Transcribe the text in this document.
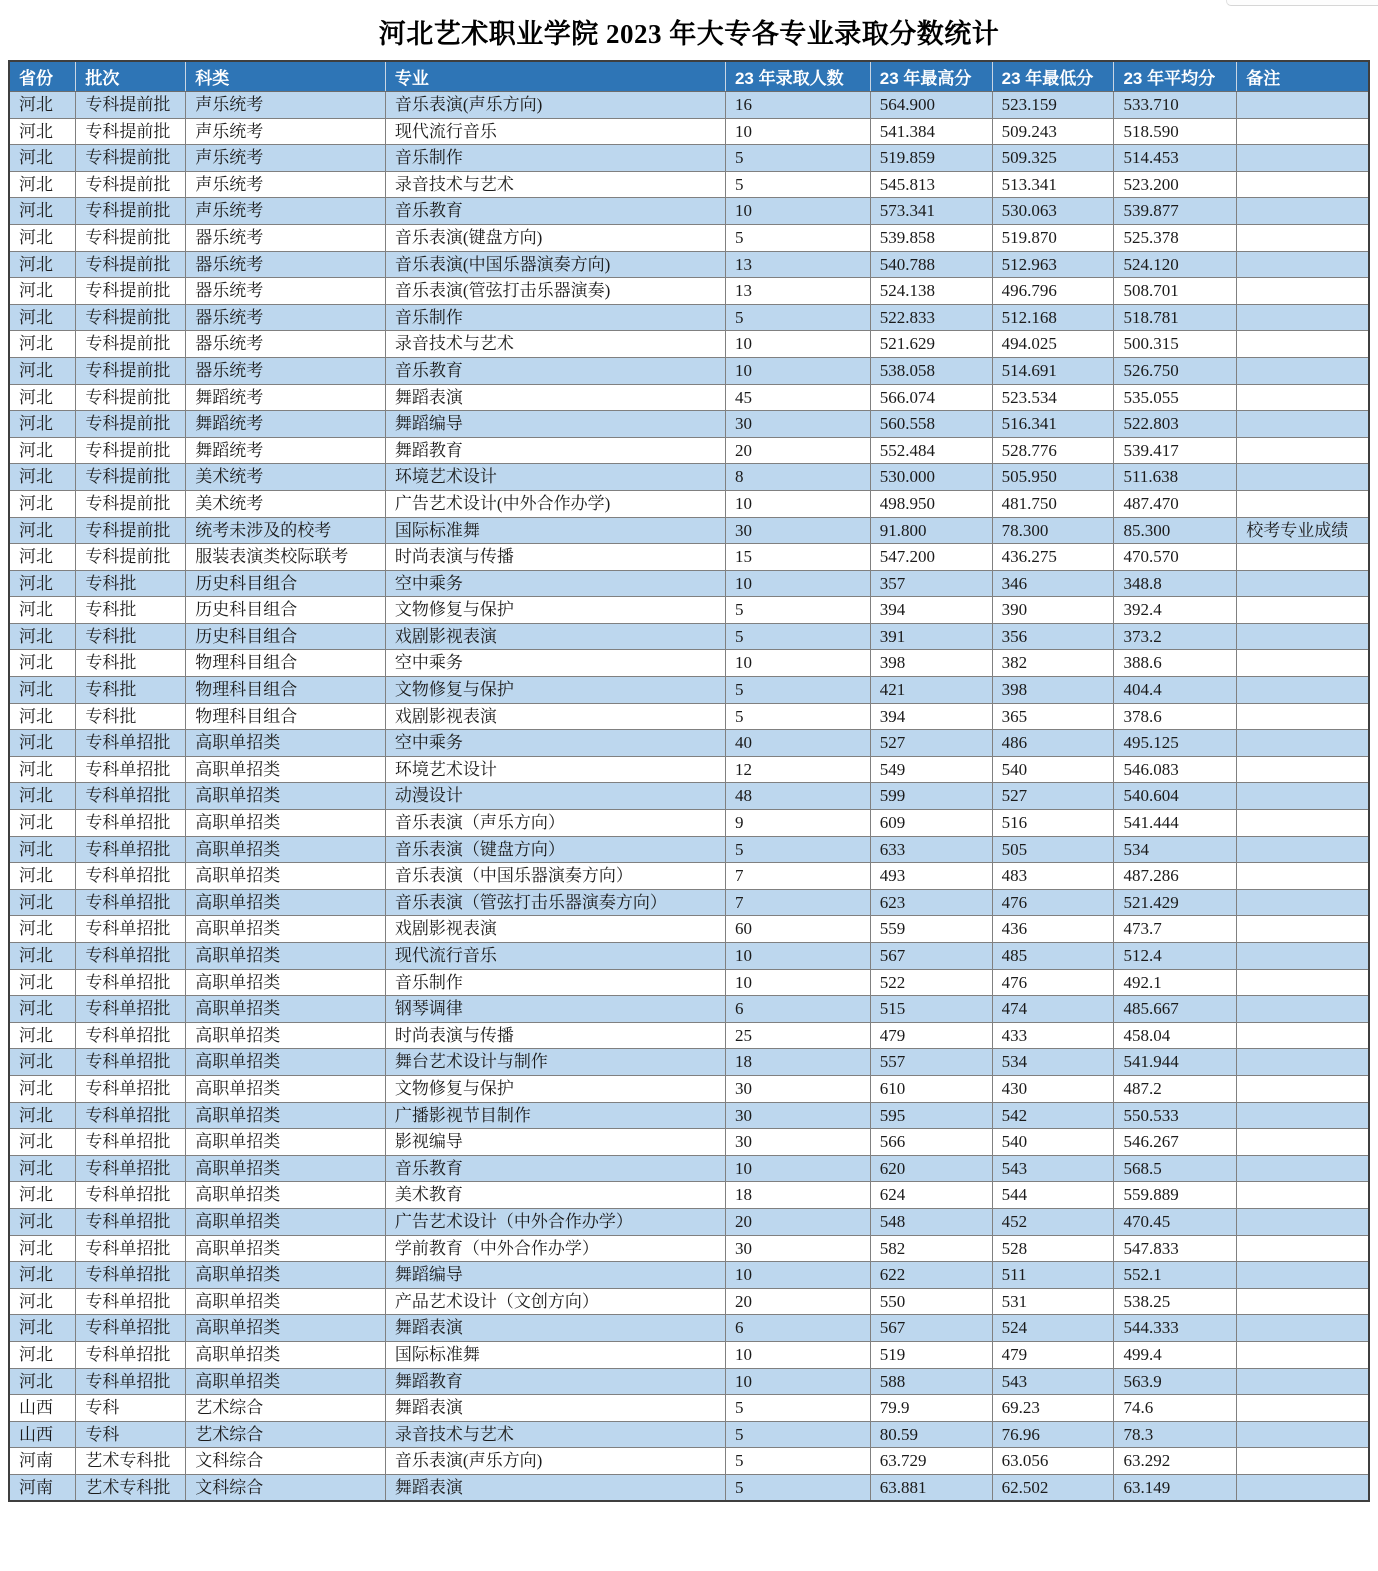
河北艺术职业学院 2023 年大专各专业录取分数统计
省份	批次	科类	专业	23 年录取人数	23 年最高分	23 年最低分	23 年平均分	备注
河北	专科提前批	声乐统考	音乐表演(声乐方向)	16	564.900	523.159	533.710	
河北	专科提前批	声乐统考	现代流行音乐	10	541.384	509.243	518.590	
河北	专科提前批	声乐统考	音乐制作	5	519.859	509.325	514.453	
河北	专科提前批	声乐统考	录音技术与艺术	5	545.813	513.341	523.200	
河北	专科提前批	声乐统考	音乐教育	10	573.341	530.063	539.877	
河北	专科提前批	器乐统考	音乐表演(键盘方向)	5	539.858	519.870	525.378	
河北	专科提前批	器乐统考	音乐表演(中国乐器演奏方向)	13	540.788	512.963	524.120	
河北	专科提前批	器乐统考	音乐表演(管弦打击乐器演奏)	13	524.138	496.796	508.701	
河北	专科提前批	器乐统考	音乐制作	5	522.833	512.168	518.781	
河北	专科提前批	器乐统考	录音技术与艺术	10	521.629	494.025	500.315	
河北	专科提前批	器乐统考	音乐教育	10	538.058	514.691	526.750	
河北	专科提前批	舞蹈统考	舞蹈表演	45	566.074	523.534	535.055	
河北	专科提前批	舞蹈统考	舞蹈编导	30	560.558	516.341	522.803	
河北	专科提前批	舞蹈统考	舞蹈教育	20	552.484	528.776	539.417	
河北	专科提前批	美术统考	环境艺术设计	8	530.000	505.950	511.638	
河北	专科提前批	美术统考	广告艺术设计(中外合作办学)	10	498.950	481.750	487.470	
河北	专科提前批	统考未涉及的校考	国际标准舞	30	91.800	78.300	85.300	校考专业成绩
河北	专科提前批	服装表演类校际联考	时尚表演与传播	15	547.200	436.275	470.570	
河北	专科批	历史科目组合	空中乘务	10	357	346	348.8	
河北	专科批	历史科目组合	文物修复与保护	5	394	390	392.4	
河北	专科批	历史科目组合	戏剧影视表演	5	391	356	373.2	
河北	专科批	物理科目组合	空中乘务	10	398	382	388.6	
河北	专科批	物理科目组合	文物修复与保护	5	421	398	404.4	
河北	专科批	物理科目组合	戏剧影视表演	5	394	365	378.6	
河北	专科单招批	高职单招类	空中乘务	40	527	486	495.125	
河北	专科单招批	高职单招类	环境艺术设计	12	549	540	546.083	
河北	专科单招批	高职单招类	动漫设计	48	599	527	540.604	
河北	专科单招批	高职单招类	音乐表演（声乐方向）	9	609	516	541.444	
河北	专科单招批	高职单招类	音乐表演（键盘方向）	5	633	505	534	
河北	专科单招批	高职单招类	音乐表演（中国乐器演奏方向）	7	493	483	487.286	
河北	专科单招批	高职单招类	音乐表演（管弦打击乐器演奏方向）	7	623	476	521.429	
河北	专科单招批	高职单招类	戏剧影视表演	60	559	436	473.7	
河北	专科单招批	高职单招类	现代流行音乐	10	567	485	512.4	
河北	专科单招批	高职单招类	音乐制作	10	522	476	492.1	
河北	专科单招批	高职单招类	钢琴调律	6	515	474	485.667	
河北	专科单招批	高职单招类	时尚表演与传播	25	479	433	458.04	
河北	专科单招批	高职单招类	舞台艺术设计与制作	18	557	534	541.944	
河北	专科单招批	高职单招类	文物修复与保护	30	610	430	487.2	
河北	专科单招批	高职单招类	广播影视节目制作	30	595	542	550.533	
河北	专科单招批	高职单招类	影视编导	30	566	540	546.267	
河北	专科单招批	高职单招类	音乐教育	10	620	543	568.5	
河北	专科单招批	高职单招类	美术教育	18	624	544	559.889	
河北	专科单招批	高职单招类	广告艺术设计（中外合作办学）	20	548	452	470.45	
河北	专科单招批	高职单招类	学前教育（中外合作办学）	30	582	528	547.833	
河北	专科单招批	高职单招类	舞蹈编导	10	622	511	552.1	
河北	专科单招批	高职单招类	产品艺术设计（文创方向）	20	550	531	538.25	
河北	专科单招批	高职单招类	舞蹈表演	6	567	524	544.333	
河北	专科单招批	高职单招类	国际标准舞	10	519	479	499.4	
河北	专科单招批	高职单招类	舞蹈教育	10	588	543	563.9	
山西	专科	艺术综合	舞蹈表演	5	79.9	69.23	74.6	
山西	专科	艺术综合	录音技术与艺术	5	80.59	76.96	78.3	
河南	艺术专科批	文科综合	音乐表演(声乐方向)	5	63.729	63.056	63.292	
河南	艺术专科批	文科综合	舞蹈表演	5	63.881	62.502	63.149	
